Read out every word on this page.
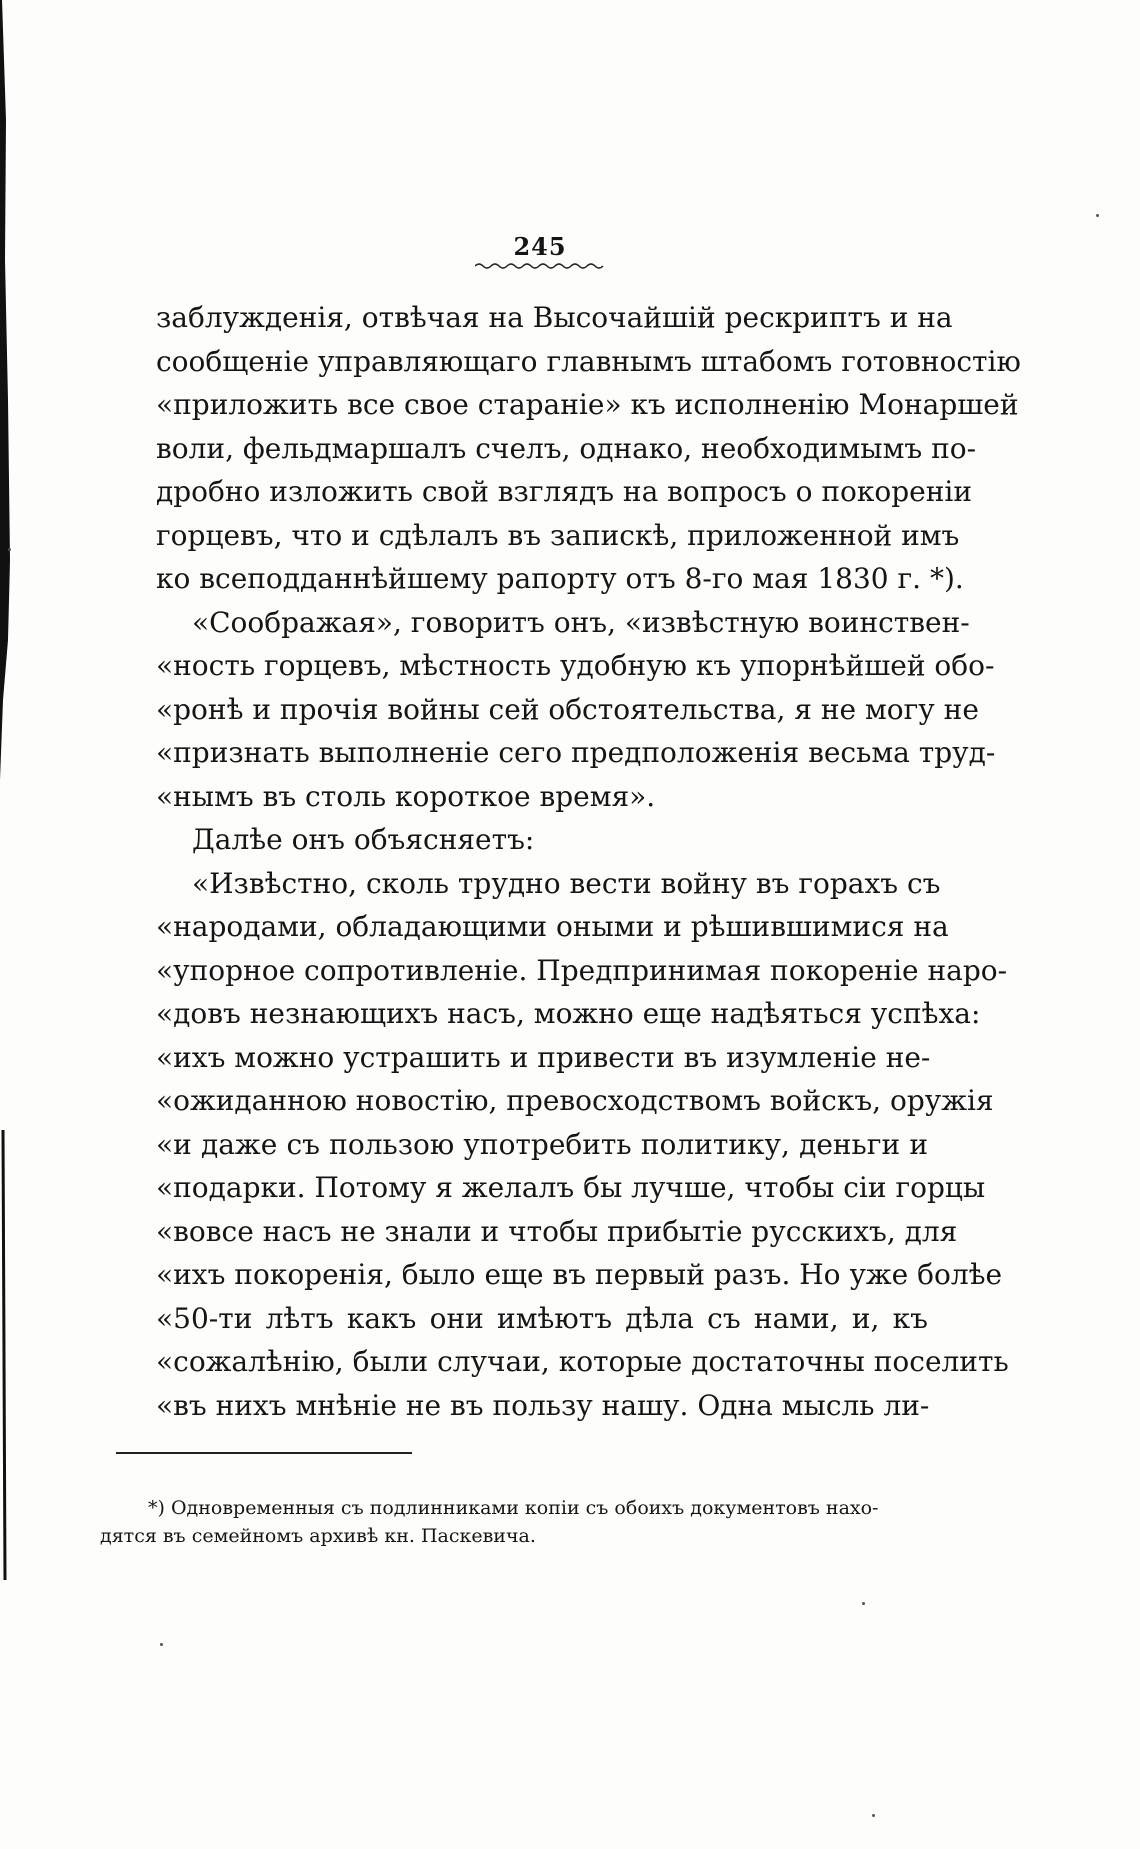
245
заблужденія, отвѣчая на Высочайшій рескриптъ и на
сообщеніе управляющаго главнымъ штабомъ готовностію
«приложить все свое стараніе» къ исполненію Монаршей
воли, фельдмаршалъ счелъ, однако, необходимымъ по-
дробно изложить свой взглядъ на вопросъ о покореніи
горцевъ, что и сдѣлалъ въ запискѣ, приложенной имъ
ко всеподданнѣйшему рапорту отъ 8-го мая 1830 г. *).
«Соображая», говоритъ онъ, «извѣстную воинствен-
«ность горцевъ, мѣстность удобную къ упорнѣйшей обо-
«ронѣ и прочія войны сей обстоятельства, я не могу не
«признать выполненіе сего предположенія весьма труд-
«нымъ въ столь короткое время».
Далѣе онъ объясняетъ:
«Извѣстно, сколь трудно вести войну въ горахъ съ
«народами, обладающими оными и рѣшившимися на
«упорное сопротивленіе. Предпринимая покореніе наро-
«довъ незнающихъ насъ, можно еще надѣяться успѣха:
«ихъ можно устрашить и привести въ изумленіе не-
«ожиданною новостію, превосходствомъ войскъ, оружія
«и даже съ пользою употребить политику, деньги и
«подарки. Потому я желалъ бы лучше, чтобы сіи горцы
«вовсе насъ не знали и чтобы прибытіе русскихъ, для
«ихъ покоренія, было еще въ первый разъ. Но уже болѣе
«50-ти лѣтъ какъ они имѣютъ дѣла съ нами, и, къ
«сожалѣнію, были случаи, которые достаточны поселить
«въ нихъ мнѣніе не въ пользу нашу. Одна мысль ли-
*) Одновременныя съ подлинниками копіи съ обоихъ документовъ нахо-
дятся въ семейномъ архивѣ кн. Паскевича.
